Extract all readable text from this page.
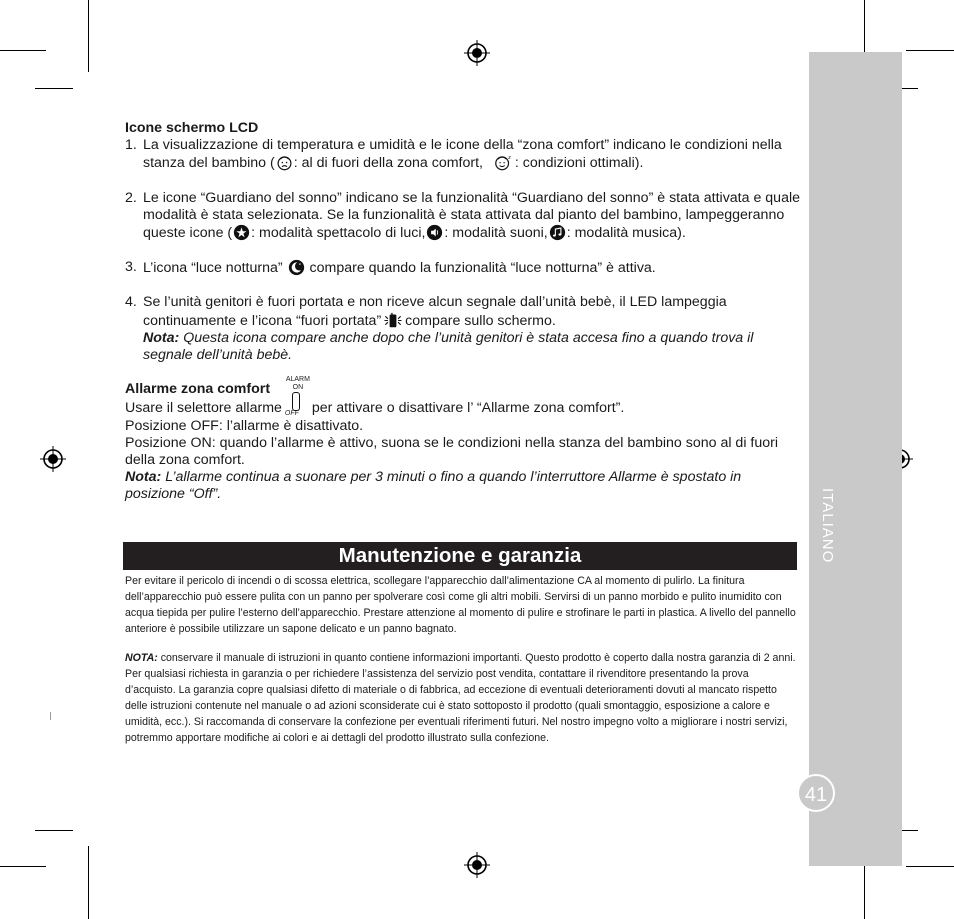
ITALIANO
41
Icone schermo LCD
1. La visualizzazione di temperatura e umidità e le icone della “zona comfort” indicano le condizioni nella stanza del bambino ( : al di fuori della zona comfort,	z : condizioni ottimali).
2. Le icone “Guardiano del sonno” indicano se la funzionalità “Guardiano del sonno” è stata attivata e quale modalità è stata selezionata. Se la funzionalità è stata attivata dal pianto del bambino, lampeggeranno queste icone ( : modalità spettacolo di luci, : modalità suoni, : modalità musica).
3. L’icona “luce notturna” compare quando la funzionalità “luce notturna” è attiva.
4. Se l’unità genitori è fuori portata e non riceve alcun segnale dall’unità bebè, il LED lampeggia continuamente e l’icona “fuori portata” compare sullo schermo.
Nota: Questa icona compare anche dopo che l’unità genitori è stata accesa fino a quando trova il segnale dell’unità bebè.
Allarme zona comfort
Usare il selettore allarme
ALARM ON
OFF per attivare o disattivare l’ “Allarme zona comfort”.
Posizione OFF: l’allarme è disattivato.
Posizione ON: quando l’allarme è attivo, suona se le condizioni nella stanza del bambino sono al di fuori della zona comfort.
Nota: L’allarme continua a suonare per 3 minuti o fino a quando l’interruttore Allarme è spostato in posizione “Off”.
Manutenzione e garanzia
Per evitare il pericolo di incendi o di scossa elettrica, scollegare l’apparecchio dall’alimentazione CA al momento di pulirlo. La finitura dell’apparecchio può essere pulita con un panno per spolverare così come gli altri mobili. Servirsi di un panno morbido e pulito inumidito con acqua tiepida per pulire l’esterno dell’apparecchio. Prestare attenzione al momento di pulire e strofinare le parti in plastica. A livello del pannello anteriore è possibile utilizzare un sapone delicato e un panno bagnato.
NOTA: conservare il manuale di istruzioni in quanto contiene informazioni importanti. Questo prodotto è coperto dalla nostra garanzia di 2 anni. Per qualsiasi richiesta in garanzia o per richiedere l’assistenza del servizio post vendita, contattare il rivenditore presentando la prova d’acquisto. La garanzia copre qualsiasi difetto di materiale o di fabbrica, ad eccezione di eventuali deterioramenti dovuti al mancato rispetto delle istruzioni contenute nel manuale o ad azioni sconsiderate cui è stato sottoposto il prodotto (quali smontaggio, esposizione a calore e umidità, ecc.). Si raccomanda di conservare la confezione per eventuali riferimenti futuri. Nel nostro impegno volto a migliorare i nostri servizi, potremmo apportare modifiche ai colori e ai dettagli del prodotto illustrato sulla confezione.
